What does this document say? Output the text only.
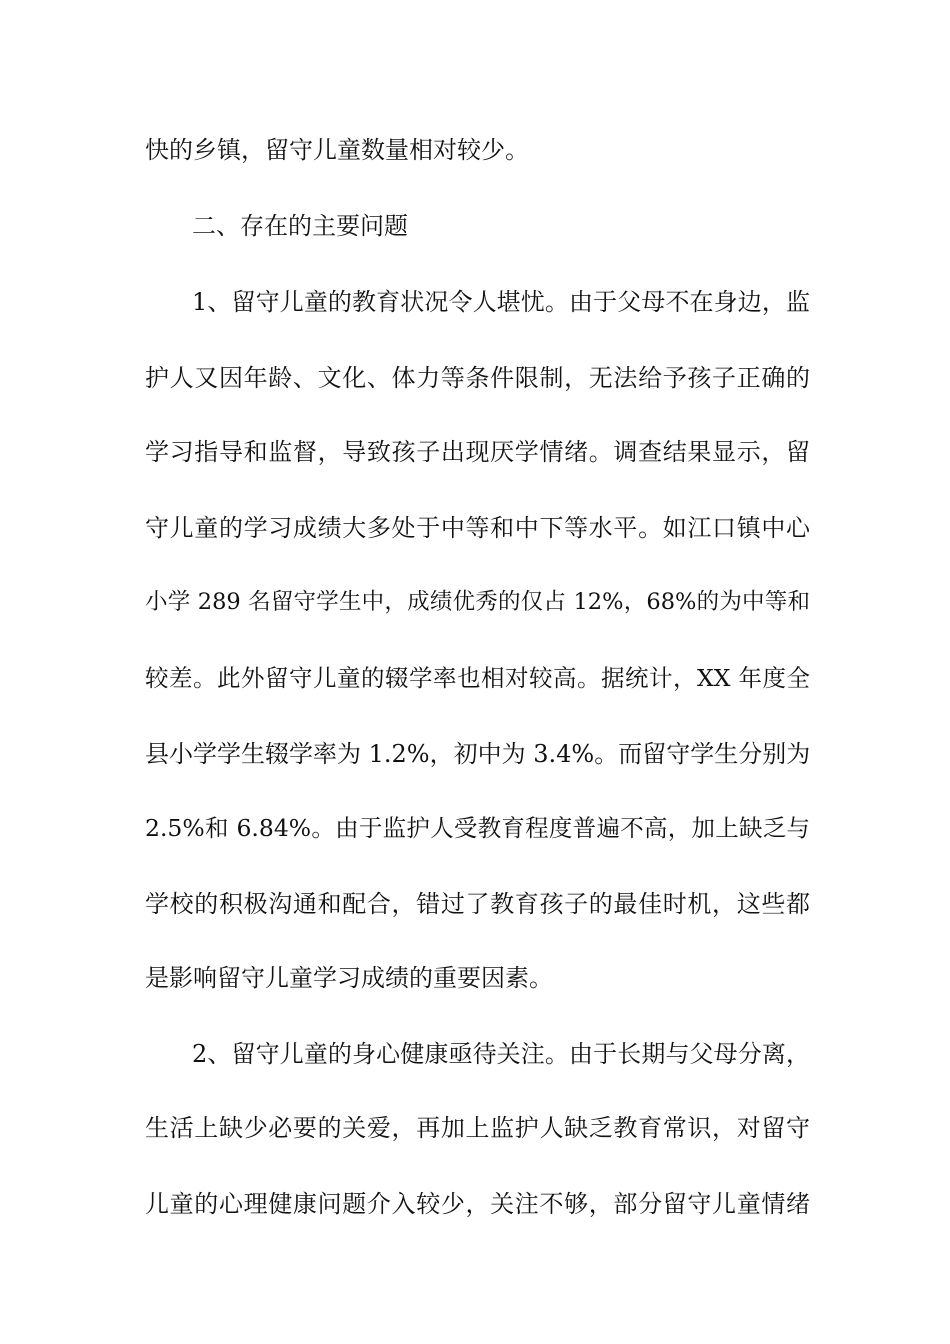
快的乡镇，留守儿童数量相对较少。
二、存在的主要问题
1、留守儿童的教育状况令人堪忧。由于父母不在身边，监
护人又因年龄、文化、体力等条件限制，无法给予孩子正确的
学习指导和监督，导致孩子出现厌学情绪。调查结果显示，留
守儿童的学习成绩大多处于中等和中下等水平。如江口镇中心
小学 289 名留守学生中，成绩优秀的仅占 12%，68%的为中等和
较差。此外留守儿童的辍学率也相对较高。据统计，XX 年度全
县小学学生辍学率为 1.2%，初中为 3.4%。而留守学生分别为
2.5%和 6.84%。由于监护人受教育程度普遍不高，加上缺乏与
学校的积极沟通和配合，错过了教育孩子的最佳时机，这些都
是影响留守儿童学习成绩的重要因素。
2、留守儿童的身心健康亟待关注。由于长期与父母分离，
生活上缺少必要的关爱，再加上监护人缺乏教育常识，对留守
儿童的心理健康问题介入较少，关注不够，部分留守儿童情绪
